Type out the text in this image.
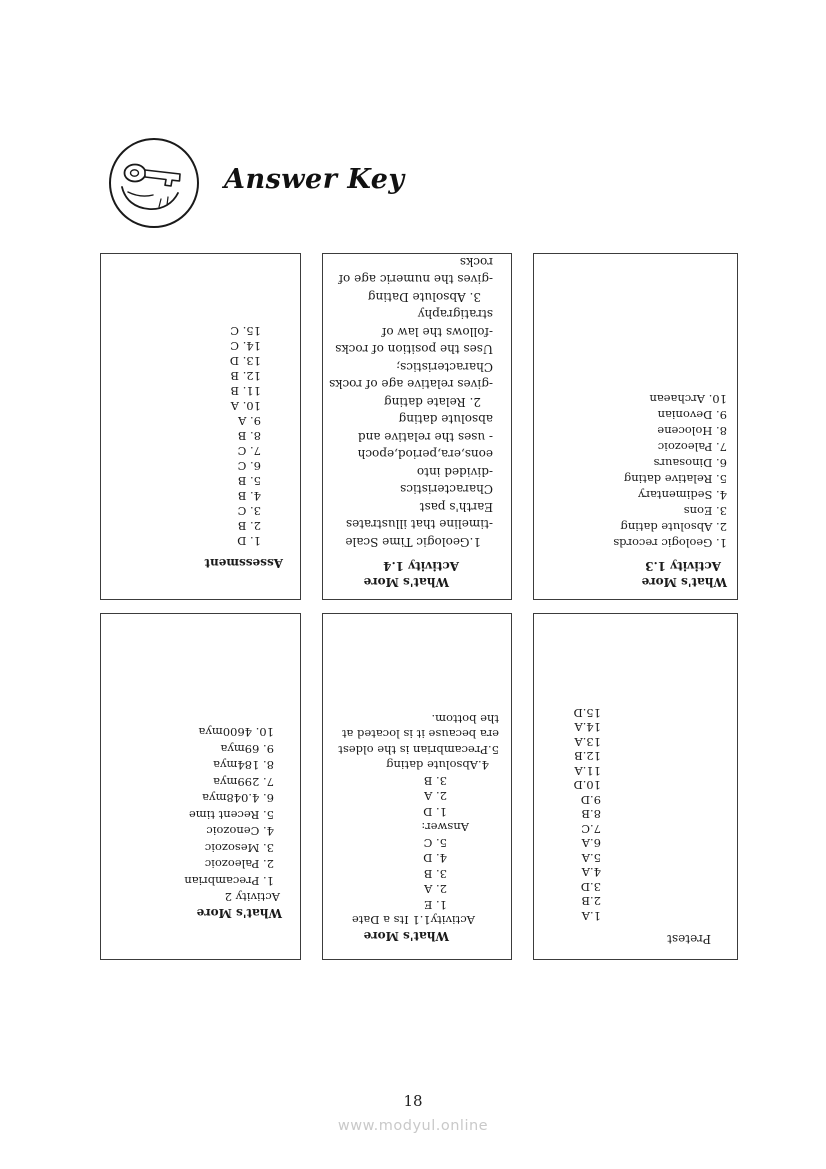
Answer Key
Assessment
1. D
2. B
3. C
4. B
5. B
6. C
7. C
8. B
9. A
10. A
11. B
12. B
13. D
14. C
15. C
What's More
Activity 1.4
1.Geologic Time Scale
-timeline that illustrates
Earth's past
Characteristics
-divided into
eons,era,period,epoch
- uses the relative and
absolute dating
2. Relate dating
-gives relative age of rocks
Characteristics;
Uses the position of rocks
-follows the law of
stratigraphy
3. Absolute Dating
-gives the numeric age of
rocks
What's More
Activity 1.3
1. Geologic records
2. Absolute dating
3. Eons
4. Sedimentary
5. Relative dating
6. Dinosaurs
7. Paleozoic
8. Holocene
9. Devonian
10. Archaean
What's More
Activity 2
1. Precambrian
2. Paleozoic
3. Mesozoic
4. Cenozoic
5. Recent time
6. 4.048mya
7. 299mya
8. 184mya
9. 69mya
10. 4600mya
What's More
Activity1.1 Its a Date
1. E
2. A
3. B
4. D
5. C
Answer:
1. D
2. A
3. B
4.Absolute dating
5.Precambrian is the oldest
era because it is located at
the bottom.
Pretest
1.A
2.B
3.D
4.A
5.A
6.A
7.C
8.B
9.D
10.D
11.A
12.B
13.A
14.A
15.D
18
www.modyul.online
